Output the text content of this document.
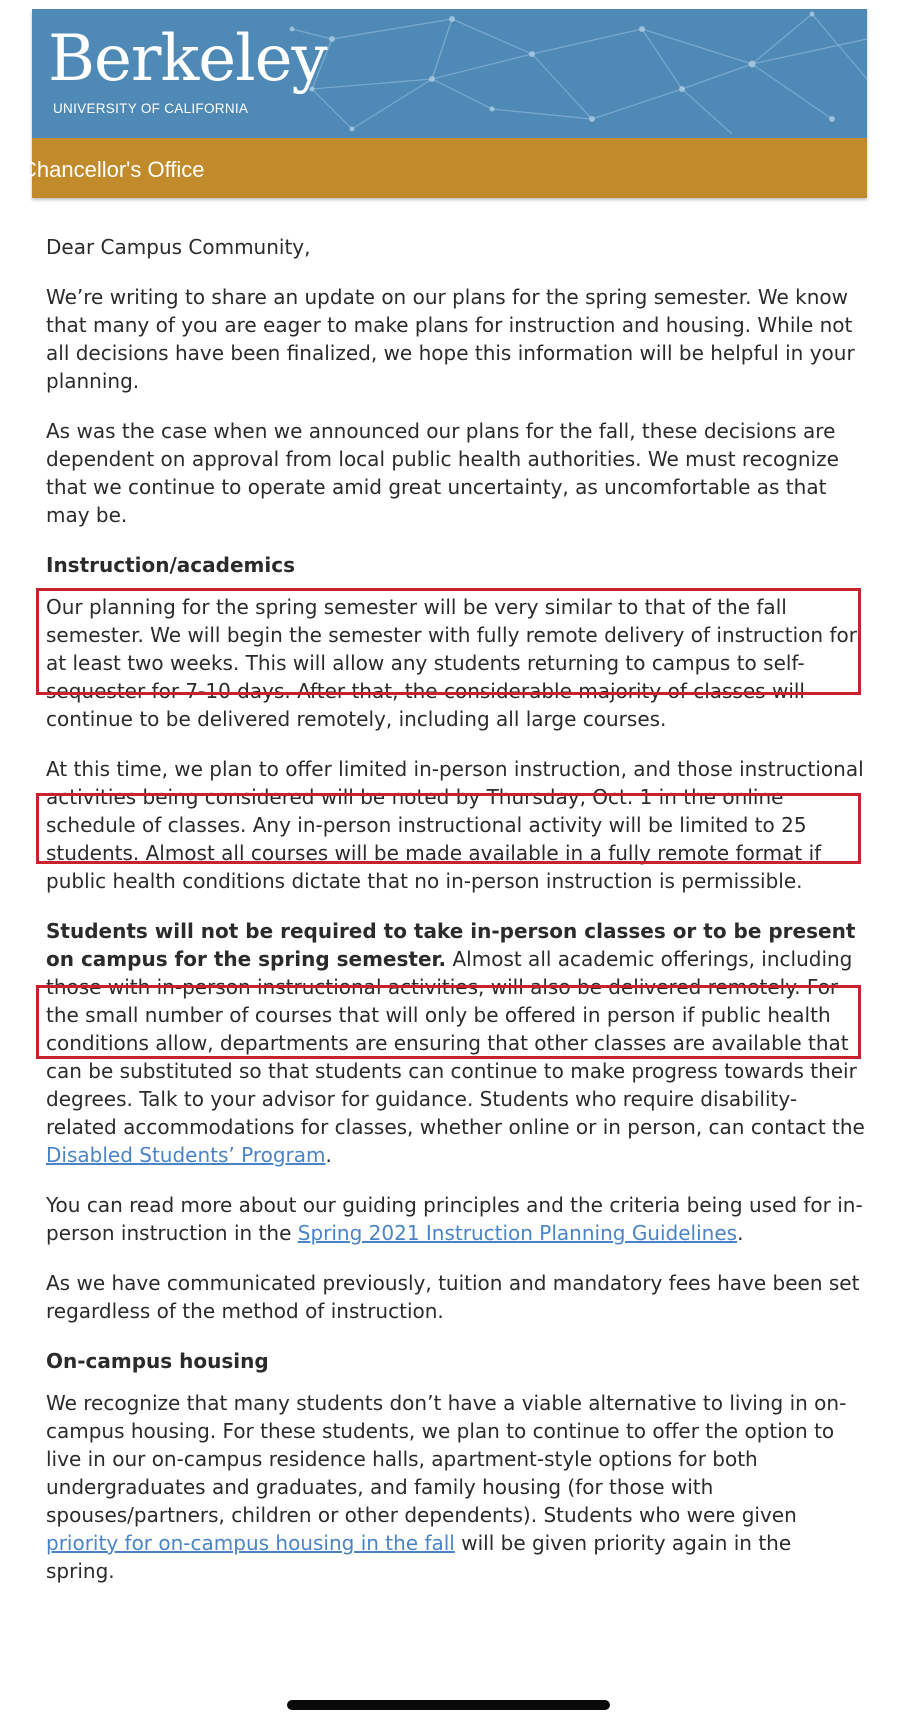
Berkeley
UNIVERSITY OF CALIFORNIA
Chancellor's Office

Dear Campus Community,

We’re writing to share an update on our plans for the spring semester. We know that many of you are eager to make plans for instruction and housing. While not all decisions have been finalized, we hope this information will be helpful in your planning.

As was the case when we announced our plans for the fall, these decisions are dependent on approval from local public health authorities. We must recognize that we continue to operate amid great uncertainty, as uncomfortable as that may be.

Instruction/academics

Our planning for the spring semester will be very similar to that of the fall semester. We will begin the semester with fully remote delivery of instruction for at least two weeks. This will allow any students returning to campus to self-sequester for 7-10 days. After that, the considerable majority of classes will continue to be delivered remotely, including all large courses.

At this time, we plan to offer limited in-person instruction, and those instructional activities being considered will be noted by Thursday, Oct. 1 in the online schedule of classes. Any in-person instructional activity will be limited to 25 students. Almost all courses will be made available in a fully remote format if public health conditions dictate that no in-person instruction is permissible.

Students will not be required to take in-person classes or to be present on campus for the spring semester. Almost all academic offerings, including those with in-person instructional activities, will also be delivered remotely. For the small number of courses that will only be offered in person if public health conditions allow, departments are ensuring that other classes are available that can be substituted so that students can continue to make progress towards their degrees. Talk to your advisor for guidance. Students who require disability-related accommodations for classes, whether online or in person, can contact the Disabled Students’ Program.

You can read more about our guiding principles and the criteria being used for in-person instruction in the Spring 2021 Instruction Planning Guidelines.

As we have communicated previously, tuition and mandatory fees have been set regardless of the method of instruction.

On-campus housing

We recognize that many students don’t have a viable alternative to living in on-campus housing. For these students, we plan to continue to offer the option to live in our on-campus residence halls, apartment-style options for both undergraduates and graduates, and family housing (for those with spouses/partners, children or other dependents). Students who were given priority for on-campus housing in the fall will be given priority again in the spring.
